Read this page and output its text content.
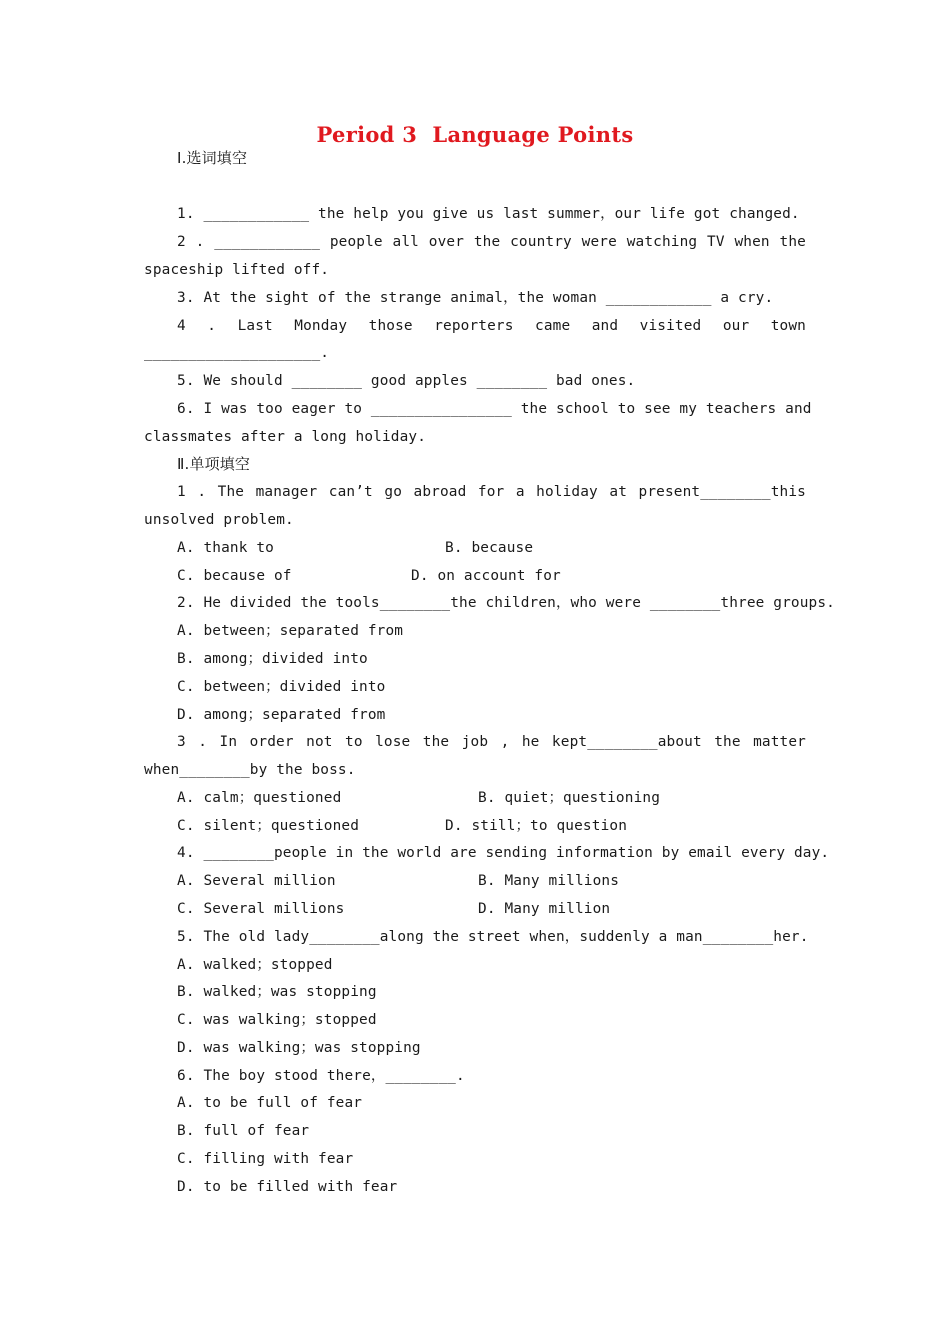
Period 3  Language Points
Ⅰ.选词填空
1. ____________ the help you give us last summer，our life got changed.
2 . ____________ people all over the country were watching TV when the
spaceship lifted off.
3. At the sight of the strange animal，the woman ____________ a cry.
4 . Last Monday those reporters came and visited our town
____________________.
5. We should ________ good apples ________ bad ones.
6. I was too eager to ________________ the school to see my teachers and
classmates after a long holiday.
Ⅱ.单项填空
1 . The manager can’t go abroad for a holiday at present________this
unsolved problem.
A. thank to	B. because
C. because of	D. on account for
2. He divided the tools________the children，who were ________three groups.
A. between；separated from
B. among；divided into
C. between；divided into
D. among；separated from
3 . In order not to lose the job , he kept________about the matter
when________by the boss.
A. calm；questioned	B. quiet；questioning
C. silent；questioned	D. still；to question
4. ________people in the world are sending information by email every day.
A. Several million	B. Many millions
C. Several millions	D. Many million
5. The old lady________along the street when，suddenly a man________her.
A. walked；stopped
B. walked；was stopping
C. was walking；stopped
D. was walking；was stopping
6. The boy stood there，________.
A. to be full of fear
B. full of fear
C. filling with fear
D. to be filled with fear
